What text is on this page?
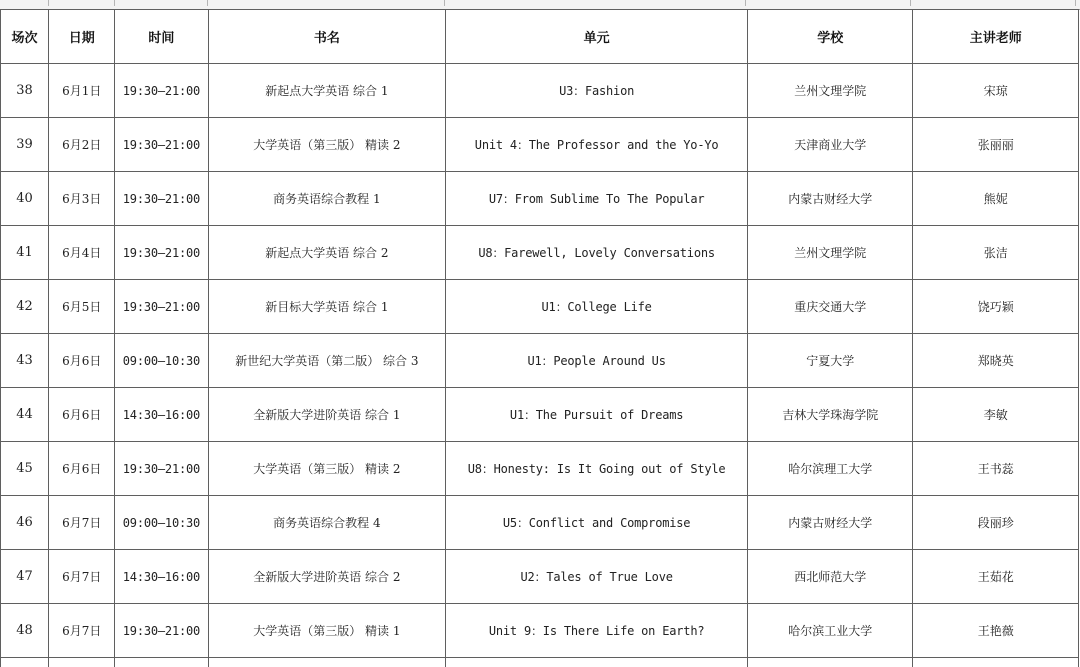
场次	日期	时间	书名	单元	学校	主讲老师
38	6月1日	19:30—21:00	新起点大学英语 综合 1	U3：Fashion	兰州文理学院	宋琼
39	6月2日	19:30—21:00	大学英语（第三版） 精读 2	Unit 4：The Professor and the Yo-Yo	天津商业大学	张丽丽
40	6月3日	19:30—21:00	商务英语综合教程 1	U7：From Sublime To The Popular	内蒙古财经大学	熊妮
41	6月4日	19:30—21:00	新起点大学英语 综合 2	U8：Farewell, Lovely Conversations	兰州文理学院	张洁
42	6月5日	19:30—21:00	新目标大学英语 综合 1	U1：College Life	重庆交通大学	饶巧颖
43	6月6日	09:00—10:30	新世纪大学英语（第二版） 综合 3	U1：People Around Us	宁夏大学	郑晓英
44	6月6日	14:30—16:00	全新版大学进阶英语 综合 1	U1：The Pursuit of Dreams	吉林大学珠海学院	李敏
45	6月6日	19:30—21:00	大学英语（第三版） 精读 2	U8：Honesty: Is It Going out of Style	哈尔滨理工大学	王书蕊
46	6月7日	09:00—10:30	商务英语综合教程 4	U5：Conflict and Compromise	内蒙古财经大学	段丽珍
47	6月7日	14:30—16:00	全新版大学进阶英语 综合 2	U2：Tales of True Love	西北师范大学	王茹花
48	6月7日	19:30—21:00	大学英语（第三版） 精读 1	Unit 9：Is There Life on Earth?	哈尔滨工业大学	王艳薇
